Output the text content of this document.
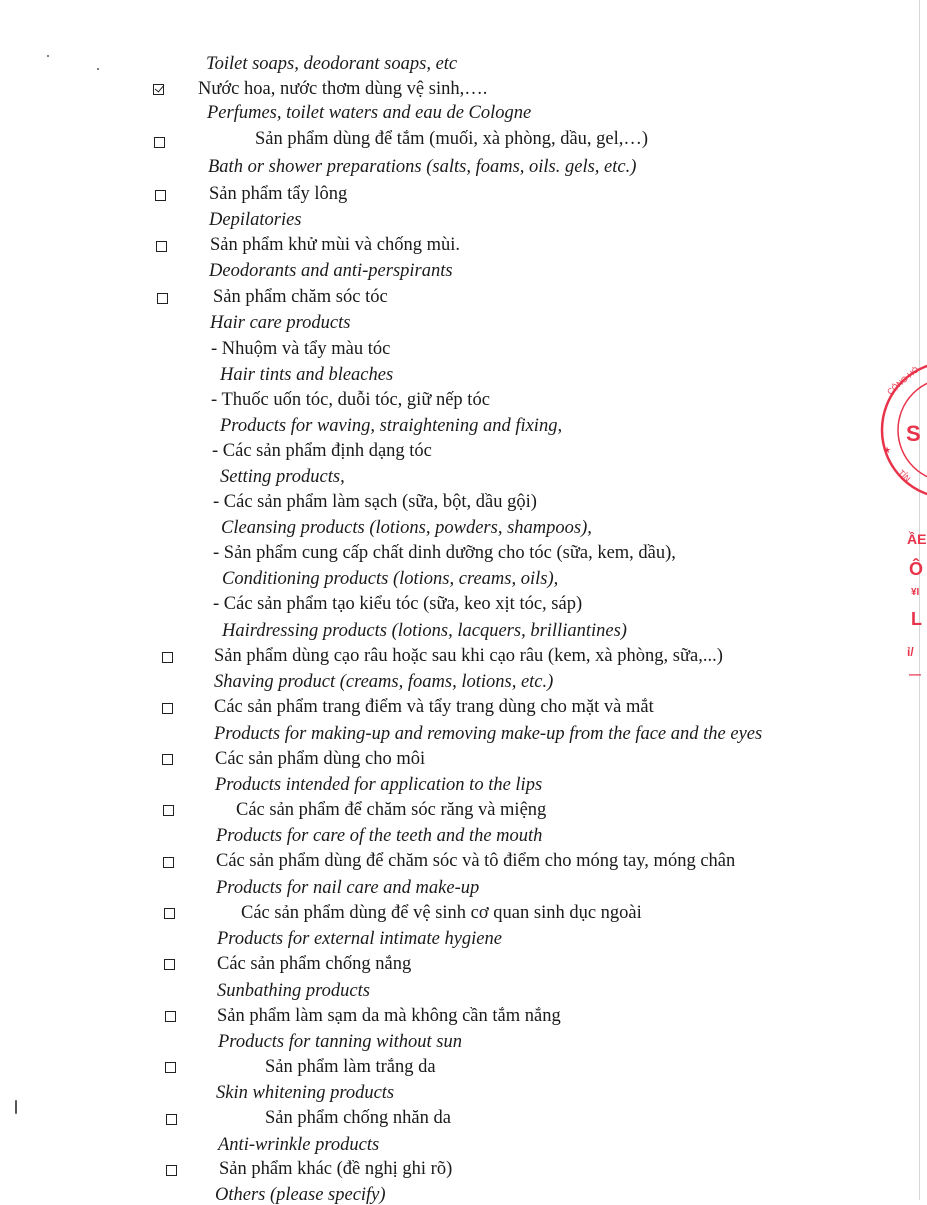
Toilet soaps, deodorant soaps, etc
Nước hoa, nước thơm dùng vệ sinh,….
Perfumes, toilet waters and eau de Cologne
Sản phẩm dùng để tắm (muối, xà phòng, dầu, gel,…)
Bath or shower preparations (salts, foams, oils. gels, etc.)
Sản phẩm tẩy lông
Depilatories
Sản phẩm khử mùi và chống mùi.
Deodorants and anti-perspirants
Sản phẩm chăm sóc tóc
Hair care products
- Nhuộm và tẩy màu tóc
Hair tints and bleaches
- Thuốc uốn tóc, duỗi tóc, giữ nếp tóc
Products for waving, straightening and fixing,
- Các sản phẩm định dạng tóc
Setting products,
- Các sản phẩm làm sạch (sữa, bột, dầu gội)
Cleansing products (lotions, powders, shampoos),
- Sản phẩm cung cấp chất dinh dưỡng cho tóc (sữa, kem, dầu),
Conditioning products (lotions, creams, oils),
- Các sản phẩm tạo kiểu tóc (sữa, keo xịt tóc, sáp)
Hairdressing products (lotions, lacquers, brilliantines)
Sản phẩm dùng cạo râu hoặc sau khi cạo râu (kem, xà phòng, sữa,...)
Shaving product (creams, foams, lotions, etc.)
Các sản phẩm trang điểm và tẩy trang dùng cho mặt và mắt
Products for making-up and removing make-up from the face and the eyes
Các sản phẩm dùng cho môi
Products intended for application to the lips
Các sản phẩm để chăm sóc răng và miệng
Products for care of the teeth and the mouth
Các sản phẩm dùng để chăm sóc và tô điểm cho móng tay, móng chân
Products for nail care and make-up
Các sản phẩm dùng để vệ sinh cơ quan sinh dục ngoài
Products for external intimate hygiene
Các sản phẩm chống nắng
Sunbathing products
Sản phẩm làm sạm da mà không cần tắm nắng
Products for tanning without sun
Sản phẩm làm trắng da
Skin whitening products
Sản phẩm chống nhăn da
Anti-wrinkle products
Sản phẩm khác (đề nghị ghi rõ)
Others (please specify)
★
S
CỘNG HÒ
TỈN
ẦE
Ô
¥I
L
ỉ/
—
